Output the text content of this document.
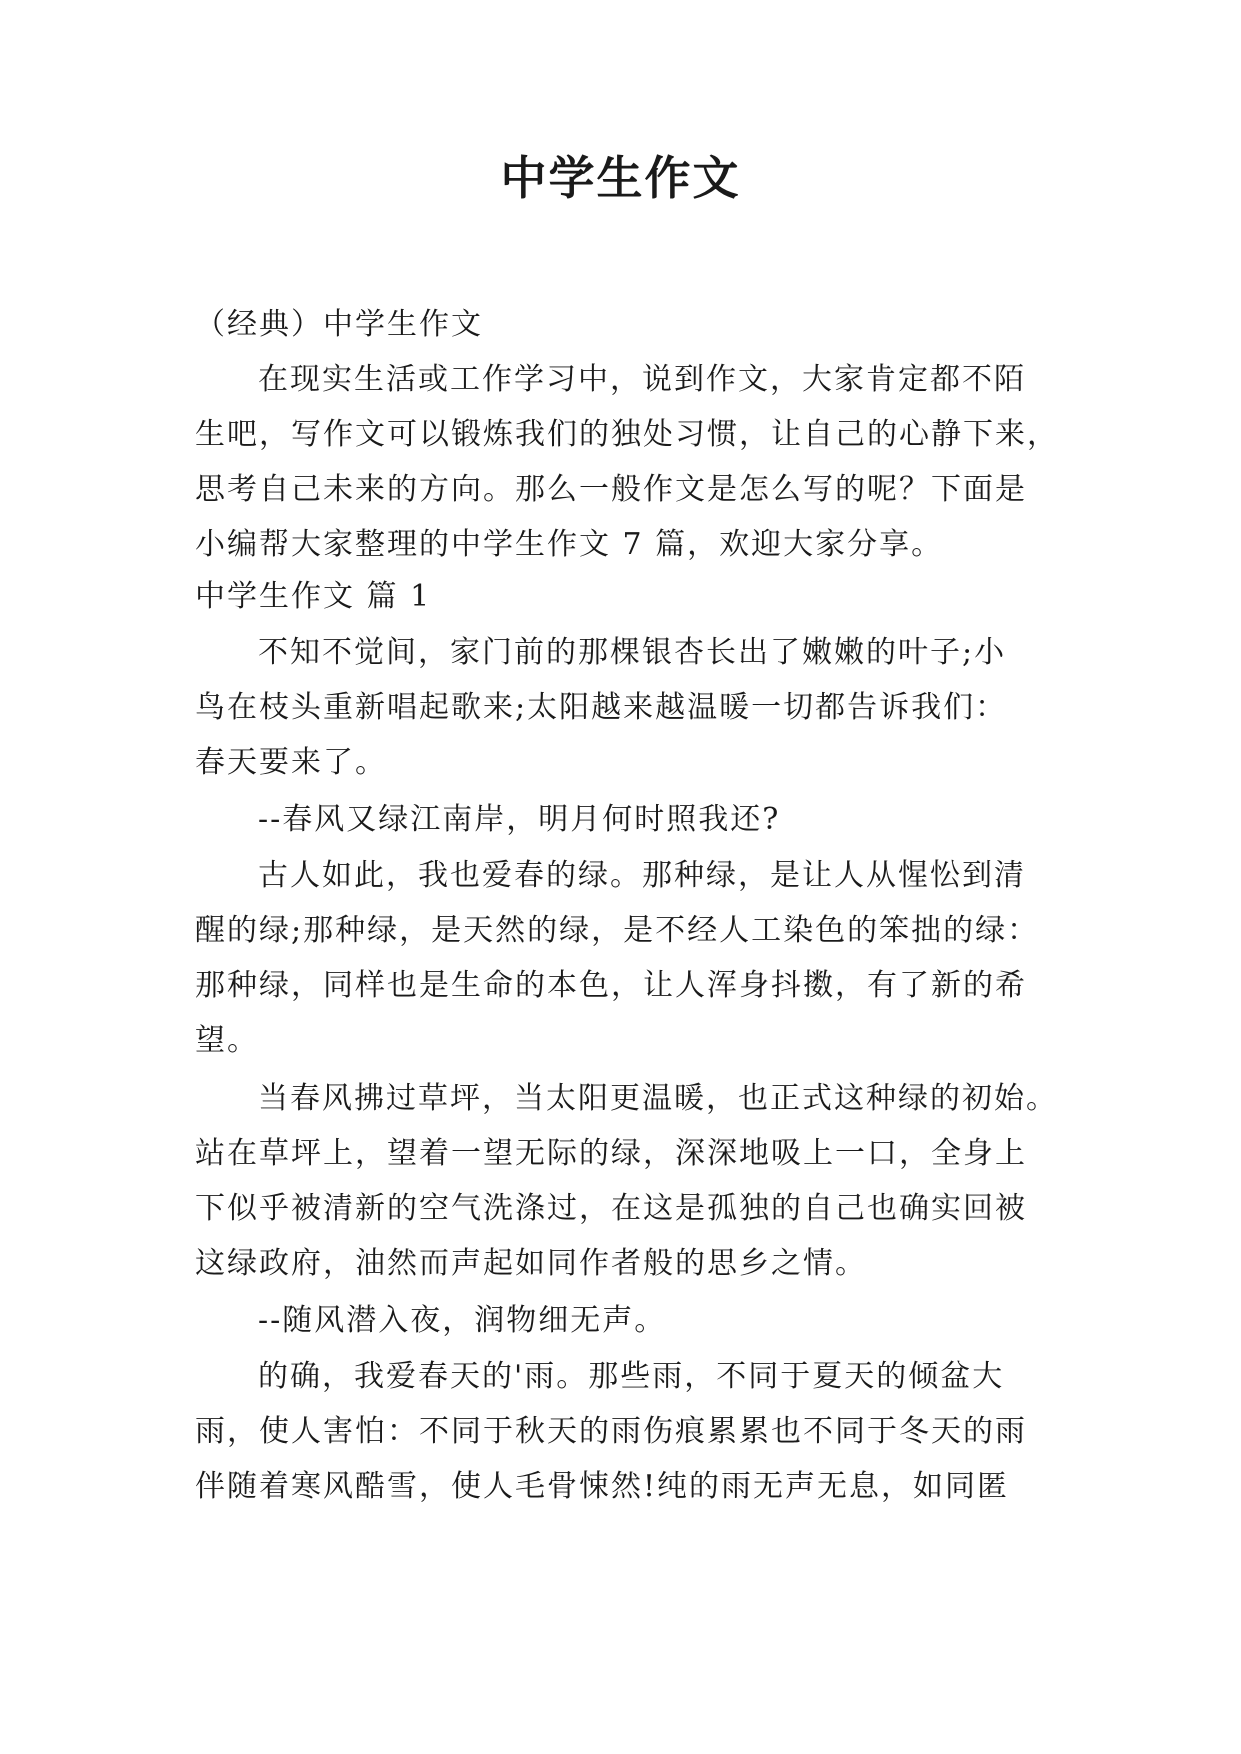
中学生作文
（经典）中学生作文
在现实生活或工作学习中，说到作文，大家肯定都不陌
生吧，写作文可以锻炼我们的独处习惯，让自己的心静下来，
思考自己未来的方向。那么一般作文是怎么写的呢？下面是
小编帮大家整理的中学生作文 7 篇，欢迎大家分享。
中学生作文 篇 1
不知不觉间，家门前的那棵银杏长出了嫩嫩的叶子;小
鸟在枝头重新唱起歌来;太阳越来越温暖一切都告诉我们：
春天要来了。
--春风又绿江南岸，明月何时照我还?
古人如此，我也爱春的绿。那种绿，是让人从惺忪到清
醒的绿;那种绿，是天然的绿，是不经人工染色的笨拙的绿：
那种绿，同样也是生命的本色，让人浑身抖擞，有了新的希
望。
当春风拂过草坪，当太阳更温暖，也正式这种绿的初始。
站在草坪上，望着一望无际的绿，深深地吸上一口，全身上
下似乎被清新的空气洗涤过，在这是孤独的自己也确实回被
这绿政府，油然而声起如同作者般的思乡之情。
--随风潜入夜，润物细无声。
的确，我爱春天的'雨。那些雨，不同于夏天的倾盆大
雨，使人害怕：不同于秋天的雨伤痕累累也不同于冬天的雨
伴随着寒风酷雪，使人毛骨悚然!纯的雨无声无息，如同匿
